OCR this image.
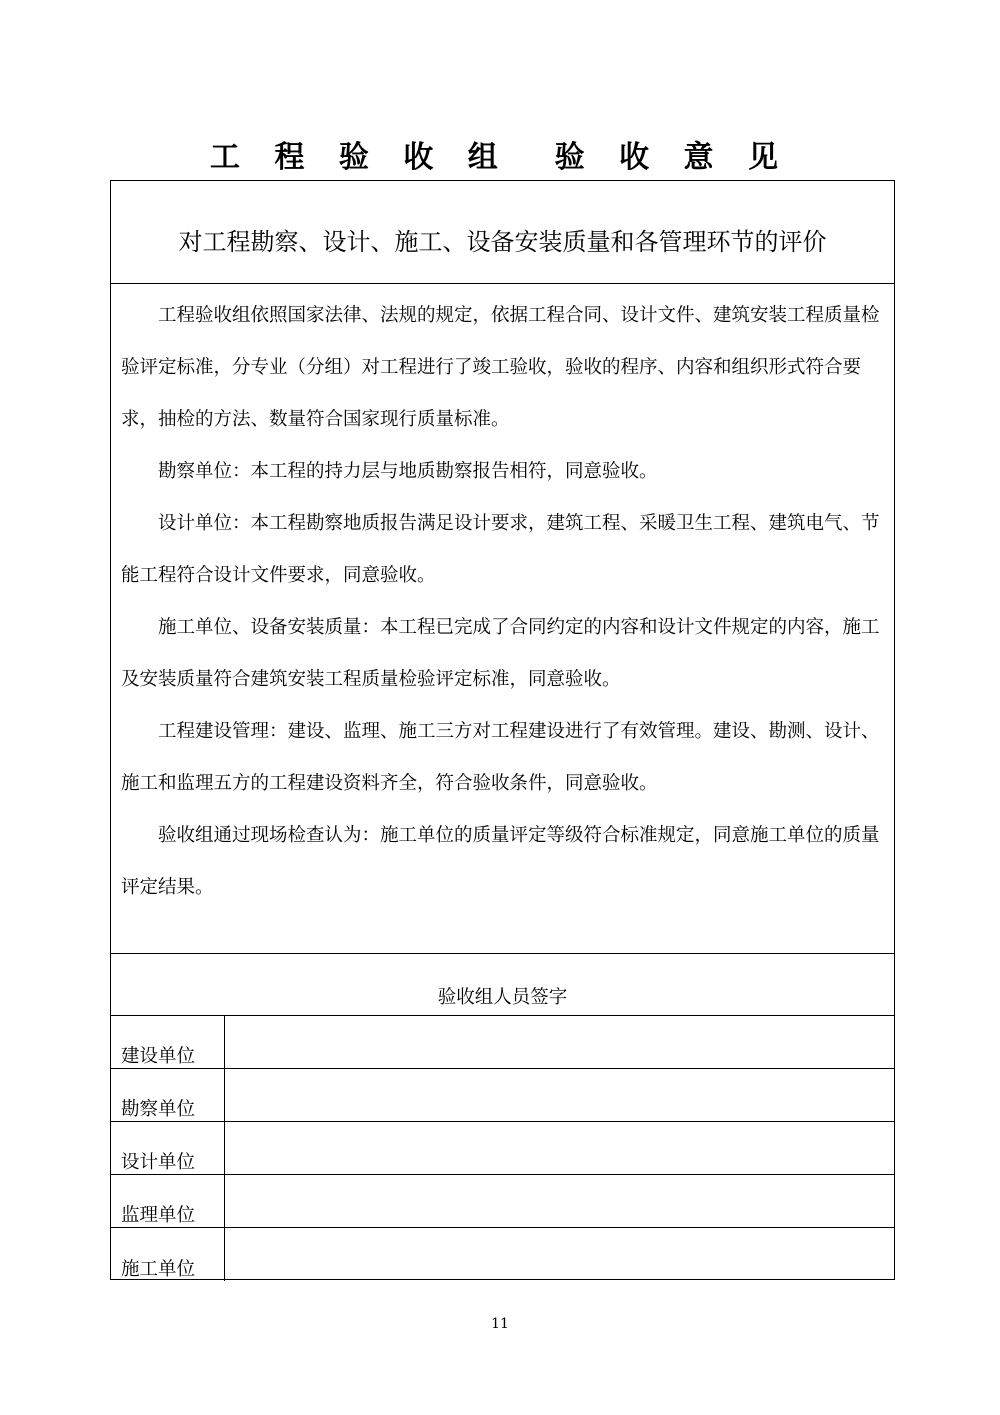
工 程 验 收 组  验 收 意 见
对工程勘察、设计、施工、设备安装质量和各管理环节的评价

工程验收组依照国家法律、法规的规定，依据工程合同、设计文件、建筑安装工程质量检验评定标准，分专业（分组）对工程进行了竣工验收，验收的程序、内容和组织形式符合要求，抽检的方法、数量符合国家现行质量标准。

勘察单位：本工程的持力层与地质勘察报告相符，同意验收。

设计单位：本工程勘察地质报告满足设计要求，建筑工程、采暖卫生工程、建筑电气、节能工程符合设计文件要求，同意验收。

施工单位、设备安装质量：本工程已完成了合同约定的内容和设计文件规定的内容，施工及安装质量符合建筑安装工程质量检验评定标准，同意验收。

工程建设管理：建设、监理、施工三方对工程建设进行了有效管理。建设、勘测、设计、施工和监理五方的工程建设资料齐全，符合验收条件，同意验收。

验收组通过现场检查认为：施工单位的质量评定等级符合标准规定，同意施工单位的质量评定结果。

验收组人员签字
建设单位
勘察单位
设计单位
监理单位
施工单位
11
